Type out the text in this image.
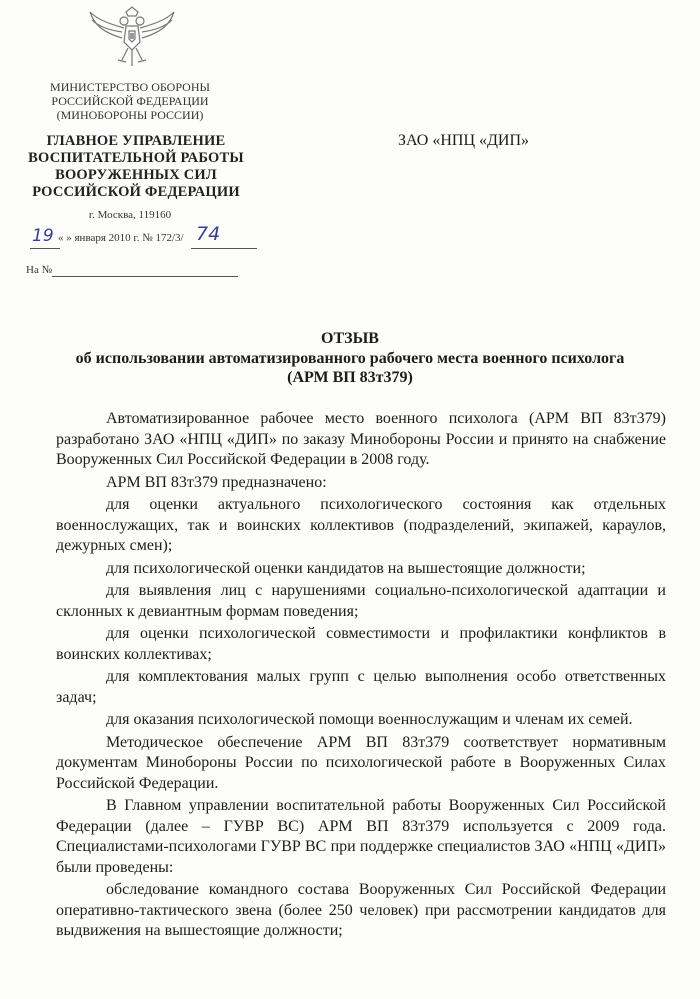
МИНИСТЕРСТВО ОБОРОНЫ
РОССИЙСКОЙ ФЕДЕРАЦИИ
(МИНОБОРОНЫ РОССИИ)
ГЛАВНОЕ УПРАВЛЕНИЕ
ВОСПИТАТЕЛЬНОЙ РАБОТЫ
ВООРУЖЕННЫХ СИЛ
РОССИЙСКОЙ ФЕДЕРАЦИИ
г. Москва, 119160
19 « » января 2010 г. № 172/3/ 74
На №
ЗАО «НПЦ «ДИП»
ОТЗЫВ
об использовании автоматизированного рабочего места военного психолога (АРМ ВП 83т379)

Автоматизированное рабочее место военного психолога (АРМ ВП 83т379) разработано ЗАО «НПЦ «ДИП» по заказу Минобороны России и принято на снабжение Вооруженных Сил Российской Федерации в 2008 году.

АРМ ВП 83т379 предназначено:

для оценки актуального психологического состояния как отдельных военнослужащих, так и воинских коллективов (подразделений, экипажей, караулов, дежурных смен);

для психологической оценки кандидатов на вышестоящие должности;

для выявления лиц с нарушениями социально-психологической адаптации и склонных к девиантным формам поведения;

для оценки психологической совместимости и профилактики конфликтов в воинских коллективах;

для комплектования малых групп с целью выполнения особо ответственных задач;

для оказания психологической помощи военнослужащим и членам их семей.

Методическое обеспечение АРМ ВП 83т379 соответствует нормативным документам Минобороны России по психологической работе в Вооруженных Силах Российской Федерации.

В Главном управлении воспитательной работы Вооруженных Сил Российской Федерации (далее – ГУВР ВС) АРМ ВП 83т379 используется с 2009 года. Специалистами-психологами ГУВР ВС при поддержке специалистов ЗАО «НПЦ «ДИП» были проведены:

обследование командного состава Вооруженных Сил Российской Федерации оперативно-тактического звена (более 250 человек) при рассмотрении кандидатов для выдвижения на вышестоящие должности;
